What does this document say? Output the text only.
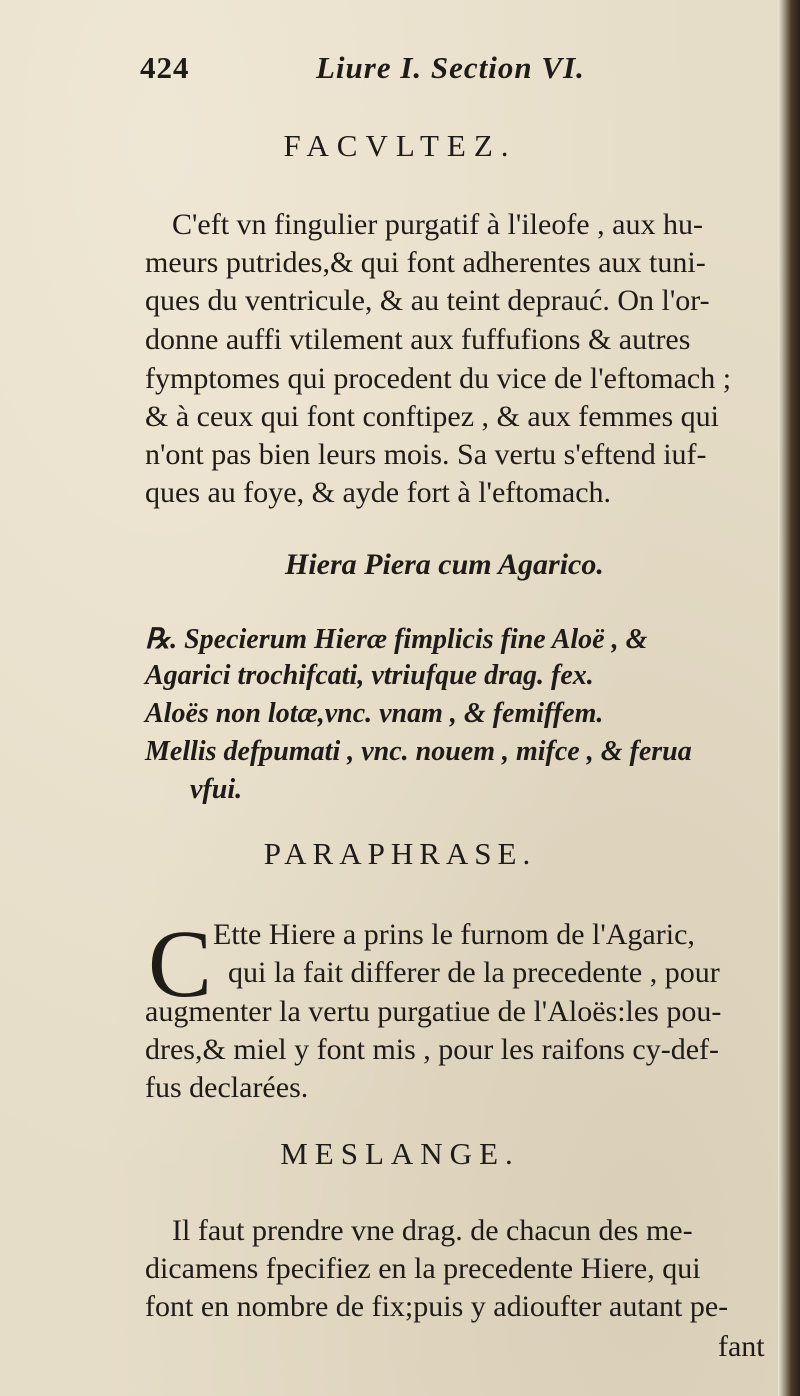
424	Liure I. Section VI.
FACVLTEZ.
C'eft vn fingulier purgatif à l'ileofe , aux hu-
meurs putrides,& qui font adherentes aux tuni-
ques du ventricule, & au teint deprauć. On l'or-
donne auffi vtilement aux fuffufions & autres
fymptomes qui procedent du vice de l'eftomach ;
& à ceux qui font conftipez , & aux femmes qui
n'ont pas bien leurs mois. Sa vertu s'eftend iuf-
ques au foye, & ayde fort à l'eftomach.
Hiera Piera cum Agarico.
℞. Specierum Hieræ fimplicis fine Aloë , &
Agarici trochifcati, vtriufque drag. fex.
Aloës non lotæ,vnc. vnam , & femiffem.
Mellis defpumati , vnc. nouem , mifce , & ferua
vfui.
PARAPHRASE.
C Ette Hiere a prins le furnom de l'Agaric,
qui la fait differer de la precedente , pour
augmenter la vertu purgatiue de l'Aloës:les pou-
dres,& miel y font mis , pour les raifons cy-def-
fus declarées.
MESLANGE.
Il faut prendre vne drag. de chacun des me-
dicamens fpecifiez en la precedente Hiere, qui
font en nombre de fix;puis y adioufter autant pe-
fant
